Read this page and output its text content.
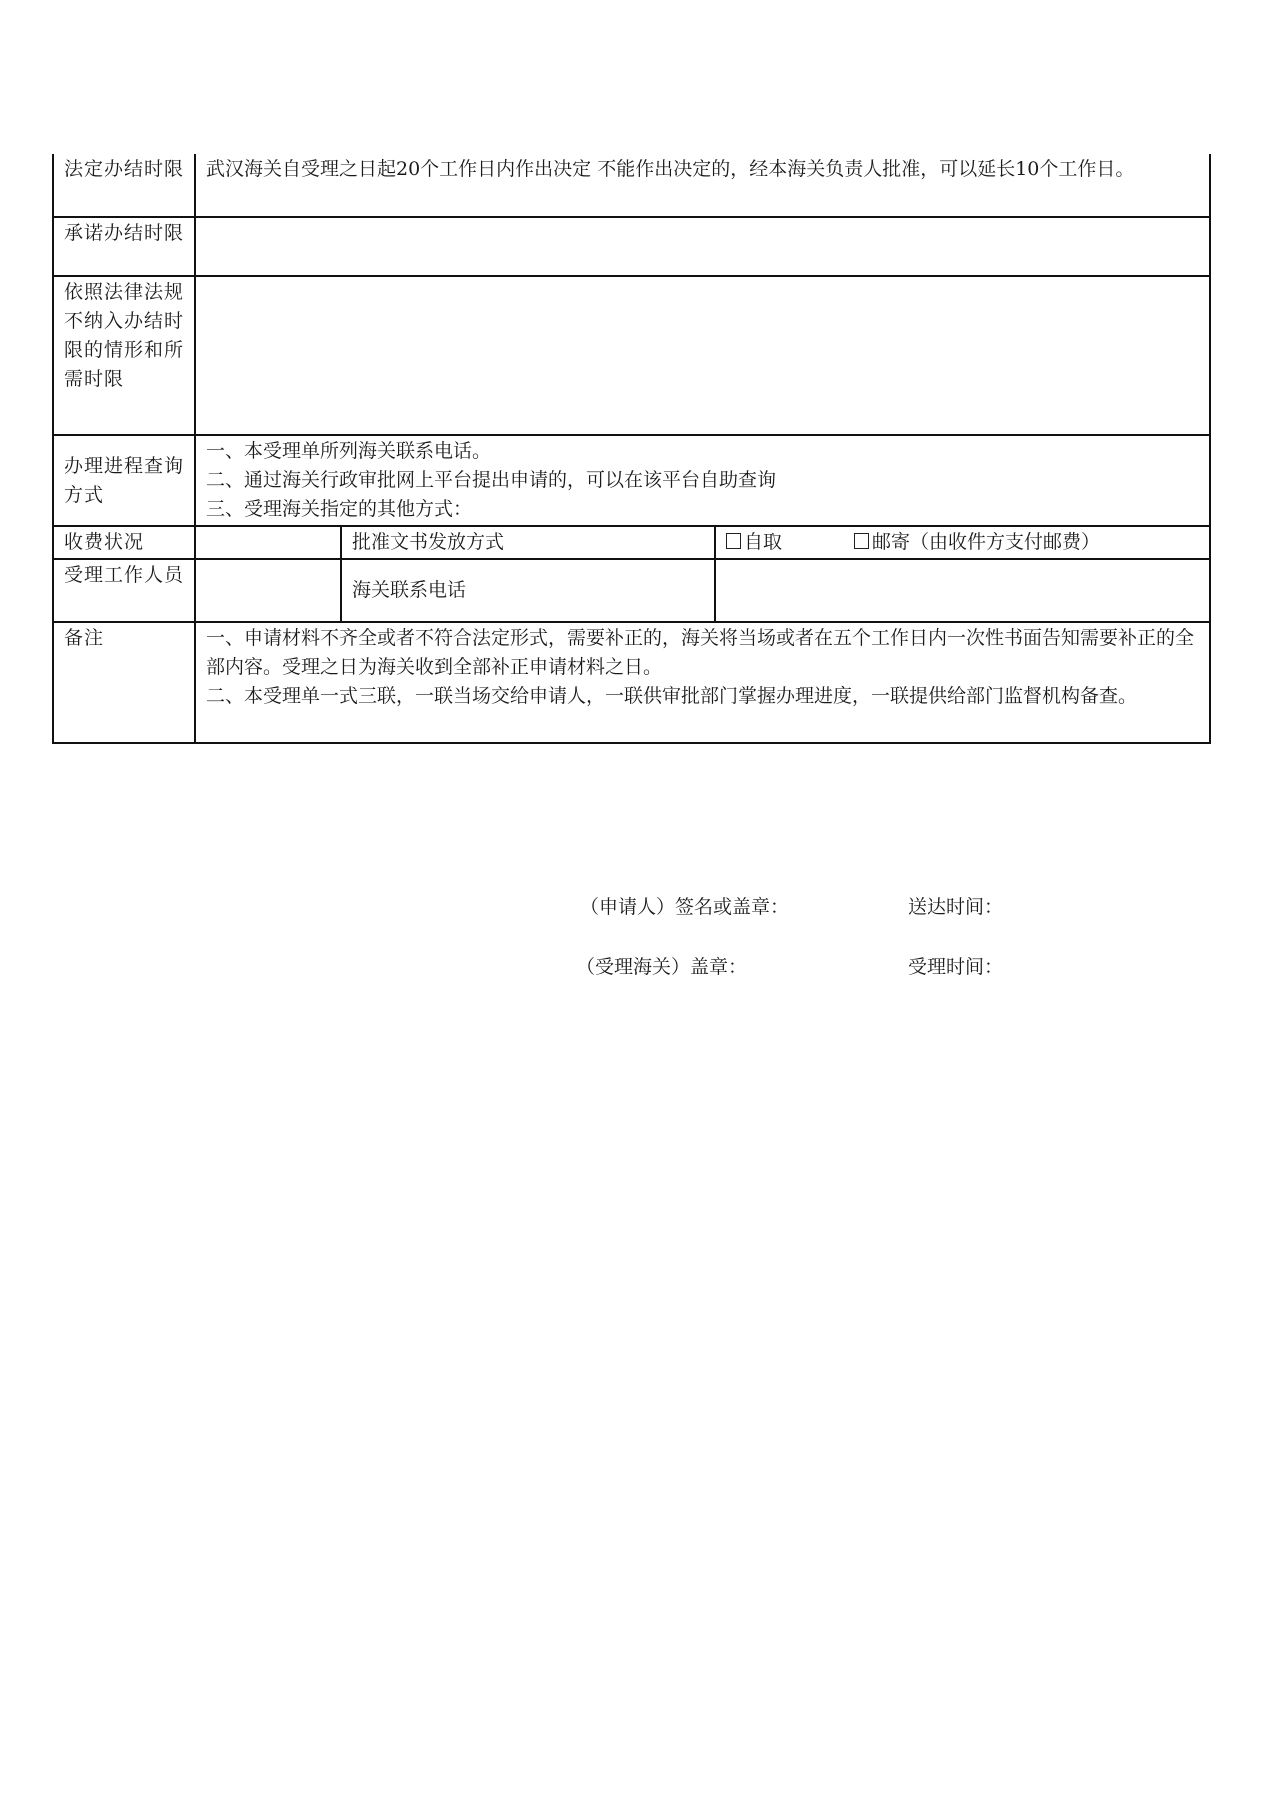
法定办结时限	武汉海关自受理之日起20个工作日内作出决定 不能作出决定的，经本海关负责人批准，可以延长10个工作日。		
承诺办结时限			
依照法律法规不纳入办结时限的情形和所需时限			
办理进程查询方式	一、本受理单所列海关联系电话。
二、通过海关行政审批网上平台提出申请的，可以在该平台自助查询
三、受理海关指定的其他方式：		

收费状况		批准文书发放方式	自取 邮寄（由收件方支付邮费）
受理工作人员		海关联系电话	
备注	一、申请材料不齐全或者不符合法定形式，需要补正的，海关将当场或者在五个工作日内一次性书面告知需要补正的全部内容。受理之日为海关收到全部补正申请材料之日。
二、本受理单一式三联，一联当场交给申请人，一联供审批部门掌握办理进度，一联提供给部门监督机构备查。		
（申请人）签名或盖章：	送达时间：
（受理海关）盖章：	受理时间：
